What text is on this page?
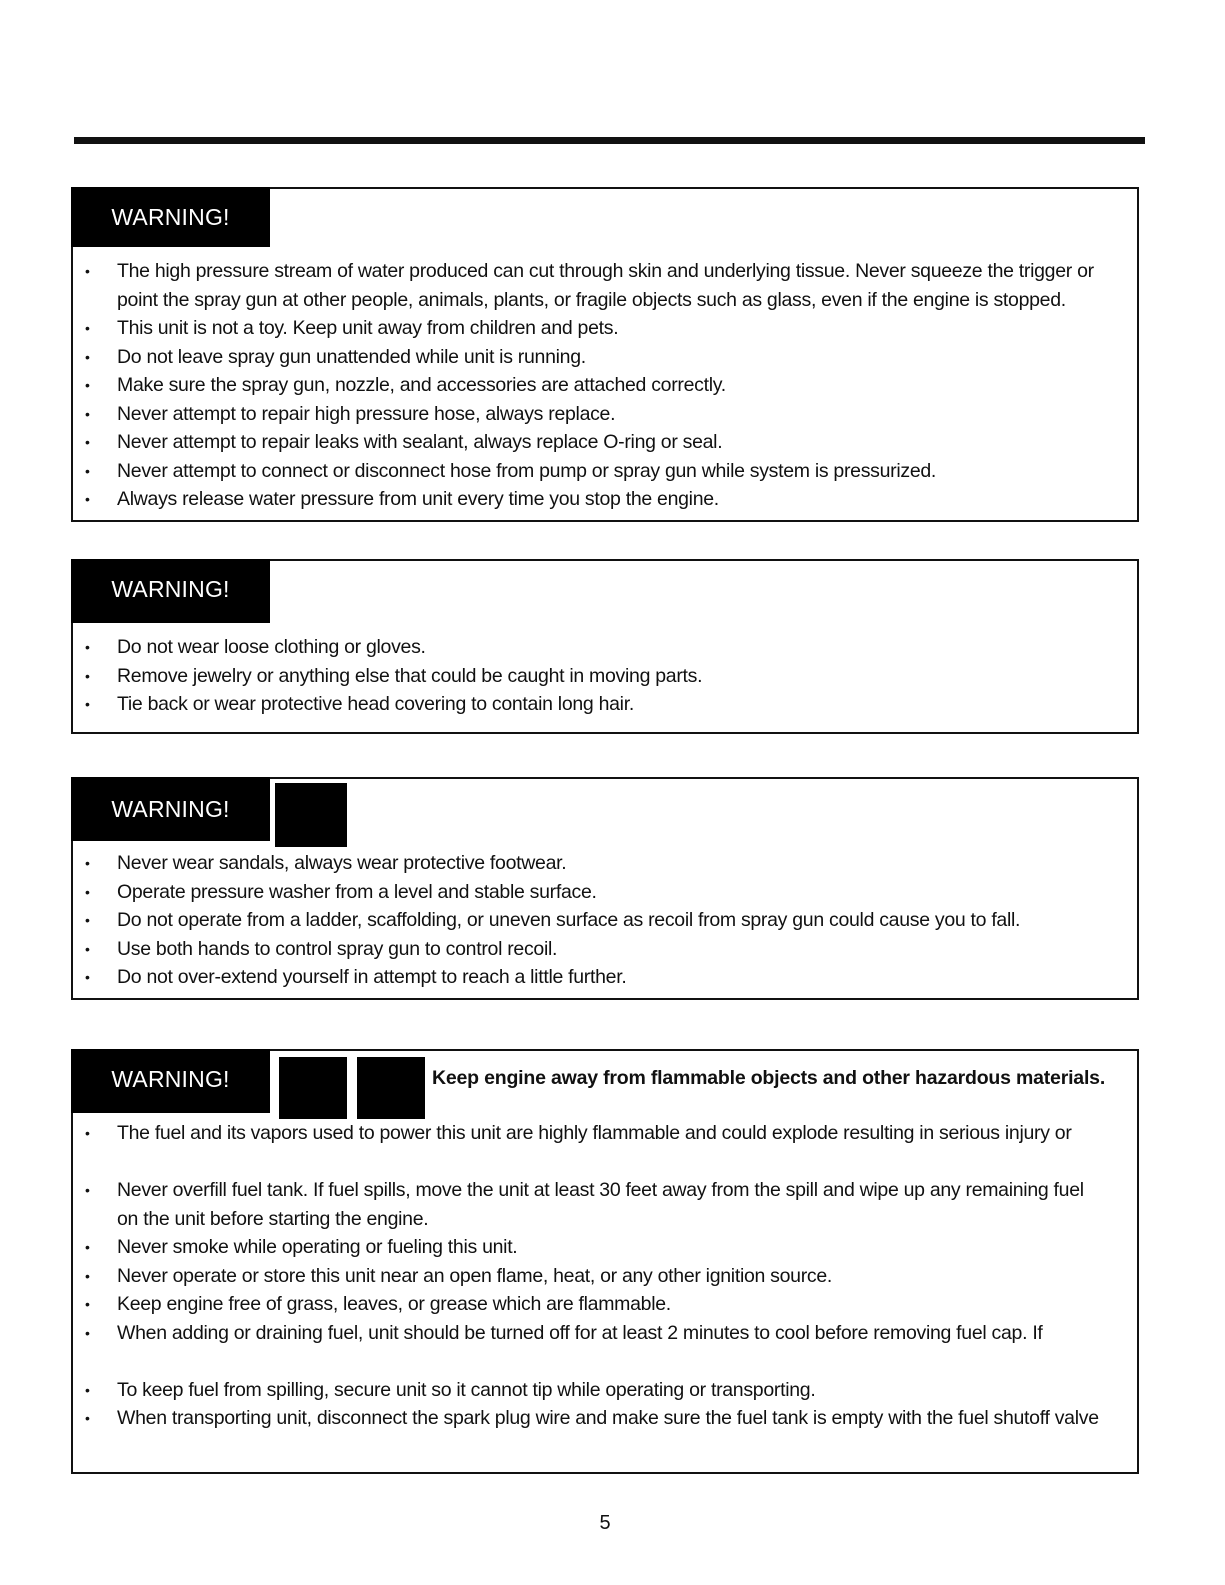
WARNING!
• The high pressure stream of water produced can cut through skin and underlying tissue. Never squeeze the trigger or
point the spray gun at other people, animals, plants, or fragile objects such as glass, even if the engine is stopped.
• This unit is not a toy. Keep unit away from children and pets.
• Do not leave spray gun unattended while unit is running.
• Make sure the spray gun, nozzle, and accessories are attached correctly.
• Never attempt to repair high pressure hose, always replace.
• Never attempt to repair leaks with sealant, always replace O-ring or seal.
• Never attempt to connect or disconnect hose from pump or spray gun while system is pressurized.
• Always release water pressure from unit every time you stop the engine.
WARNING!
• Do not wear loose clothing or gloves.
• Remove jewelry or anything else that could be caught in moving parts.
• Tie back or wear protective head covering to contain long hair.
WARNING!
• Never wear sandals, always wear protective footwear.
• Operate pressure washer from a level and stable surface.
• Do not operate from a ladder, scaffolding, or uneven surface as recoil from spray gun could cause you to fall.
• Use both hands to control spray gun to control recoil.
• Do not over-extend yourself in attempt to reach a little further.
WARNING!	Keep engine away from flammable objects and other hazardous materials.
• The fuel and its vapors used to power this unit are highly flammable and could explode resulting in serious injury or
• Never overfill fuel tank. If fuel spills, move the unit at least 30 feet away from the spill and wipe up any remaining fuel
on the unit before starting the engine.
• Never smoke while operating or fueling this unit.
• Never operate or store this unit near an open flame, heat, or any other ignition source.
• Keep engine free of grass, leaves, or grease which are flammable.
• When adding or draining fuel, unit should be turned off for at least 2 minutes to cool before removing fuel cap. If
• To keep fuel from spilling, secure unit so it cannot tip while operating or transporting.
• When transporting unit, disconnect the spark plug wire and make sure the fuel tank is empty with the fuel shutoff valve
5
